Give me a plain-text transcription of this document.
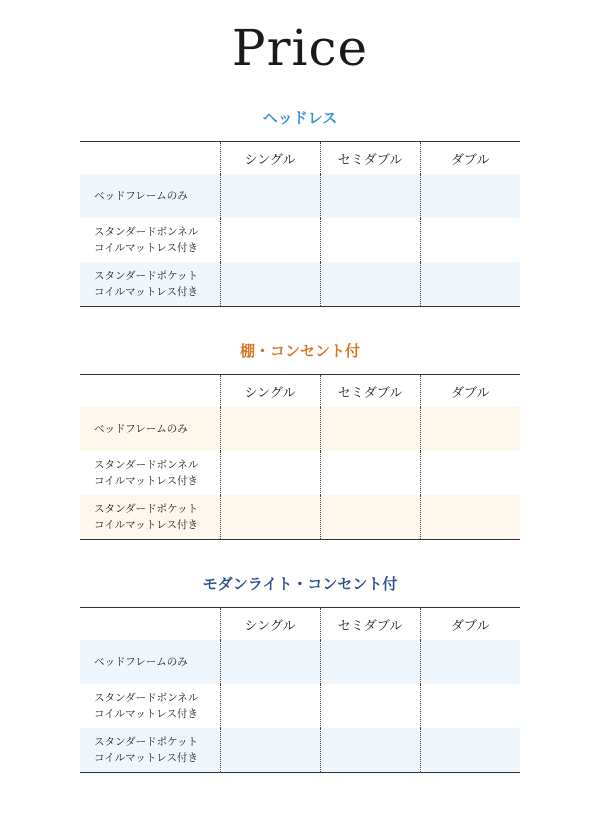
Price
ヘッドレス
	シングル	セミダブル	ダブル

ベッドフレームのみ			

スタンダードボンネル
コイルマットレス付き			

スタンダードポケット
コイルマットレス付き			

棚・コンセント付
	シングル	セミダブル	ダブル

ベッドフレームのみ			

スタンダードボンネル
コイルマットレス付き			

スタンダードポケット
コイルマットレス付き			

モダンライト・コンセント付
	シングル	セミダブル	ダブル

ベッドフレームのみ			

スタンダードボンネル
コイルマットレス付き			

スタンダードポケット
コイルマットレス付き			
